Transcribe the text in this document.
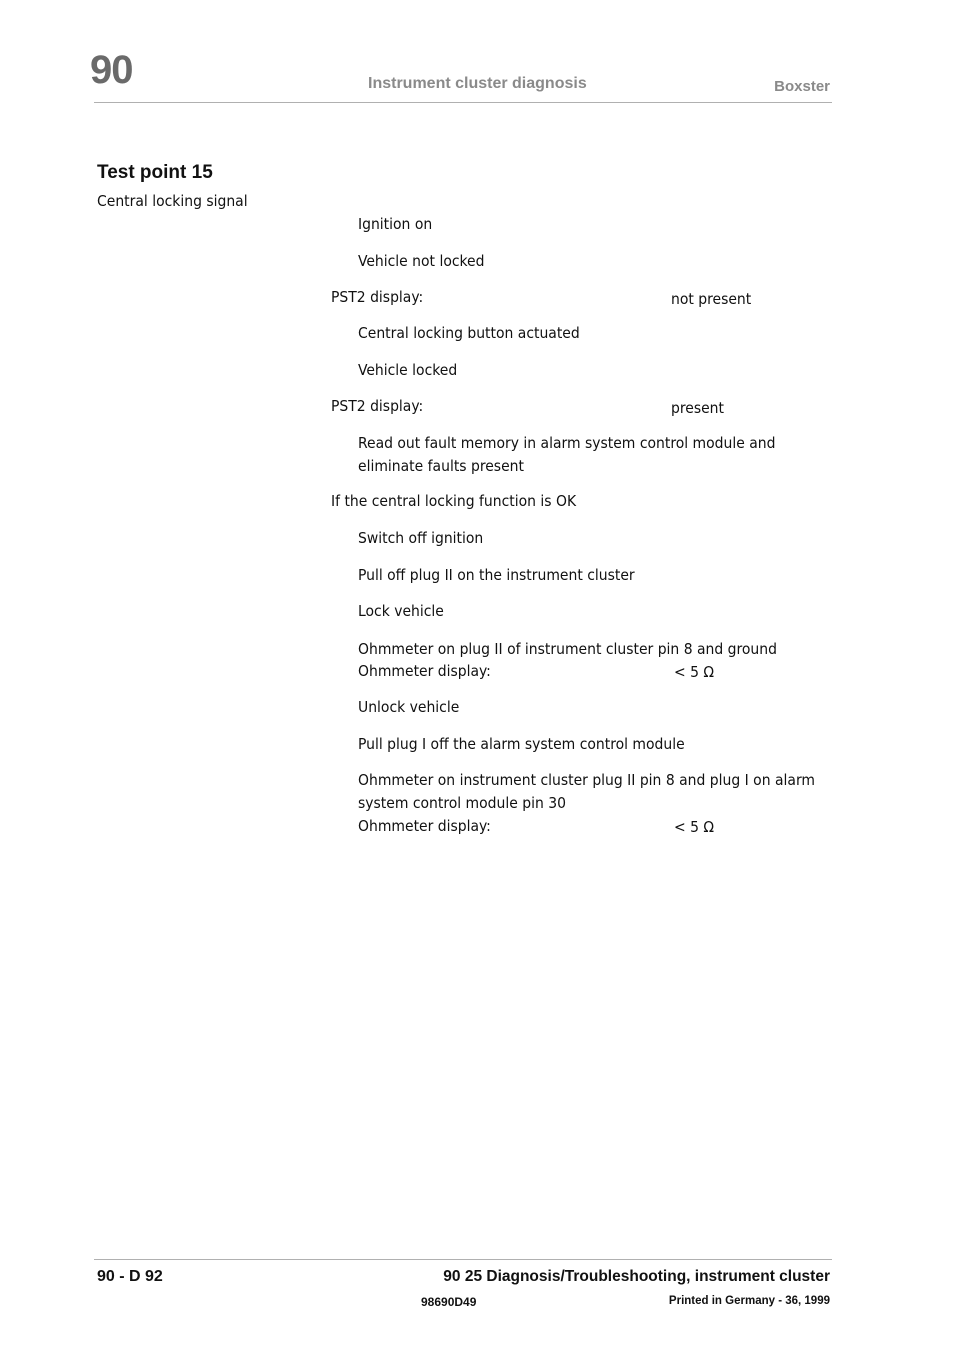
90	Instrument cluster diagnosis	Boxster
Test point 15
Central locking signal
Ignition on
Vehicle not locked
PST2 display:	not present
Central locking button actuated
Vehicle locked
PST2 display:	present
Read out fault memory in alarm system control module and
eliminate faults present
If the central locking function is OK
Switch off ignition
Pull off plug II on the instrument cluster
Lock vehicle
Ohmmeter on plug II of instrument cluster pin 8 and ground
Ohmmeter display:	< 5 Ω
Unlock vehicle
Pull plug I off the alarm system control module
Ohmmeter on instrument cluster plug II pin 8 and plug I on alarm
system control module pin 30
Ohmmeter display:	< 5 Ω
90 - D 92	90 25 Diagnosis/Troubleshooting, instrument cluster
98690D49	Printed in Germany - 36, 1999
